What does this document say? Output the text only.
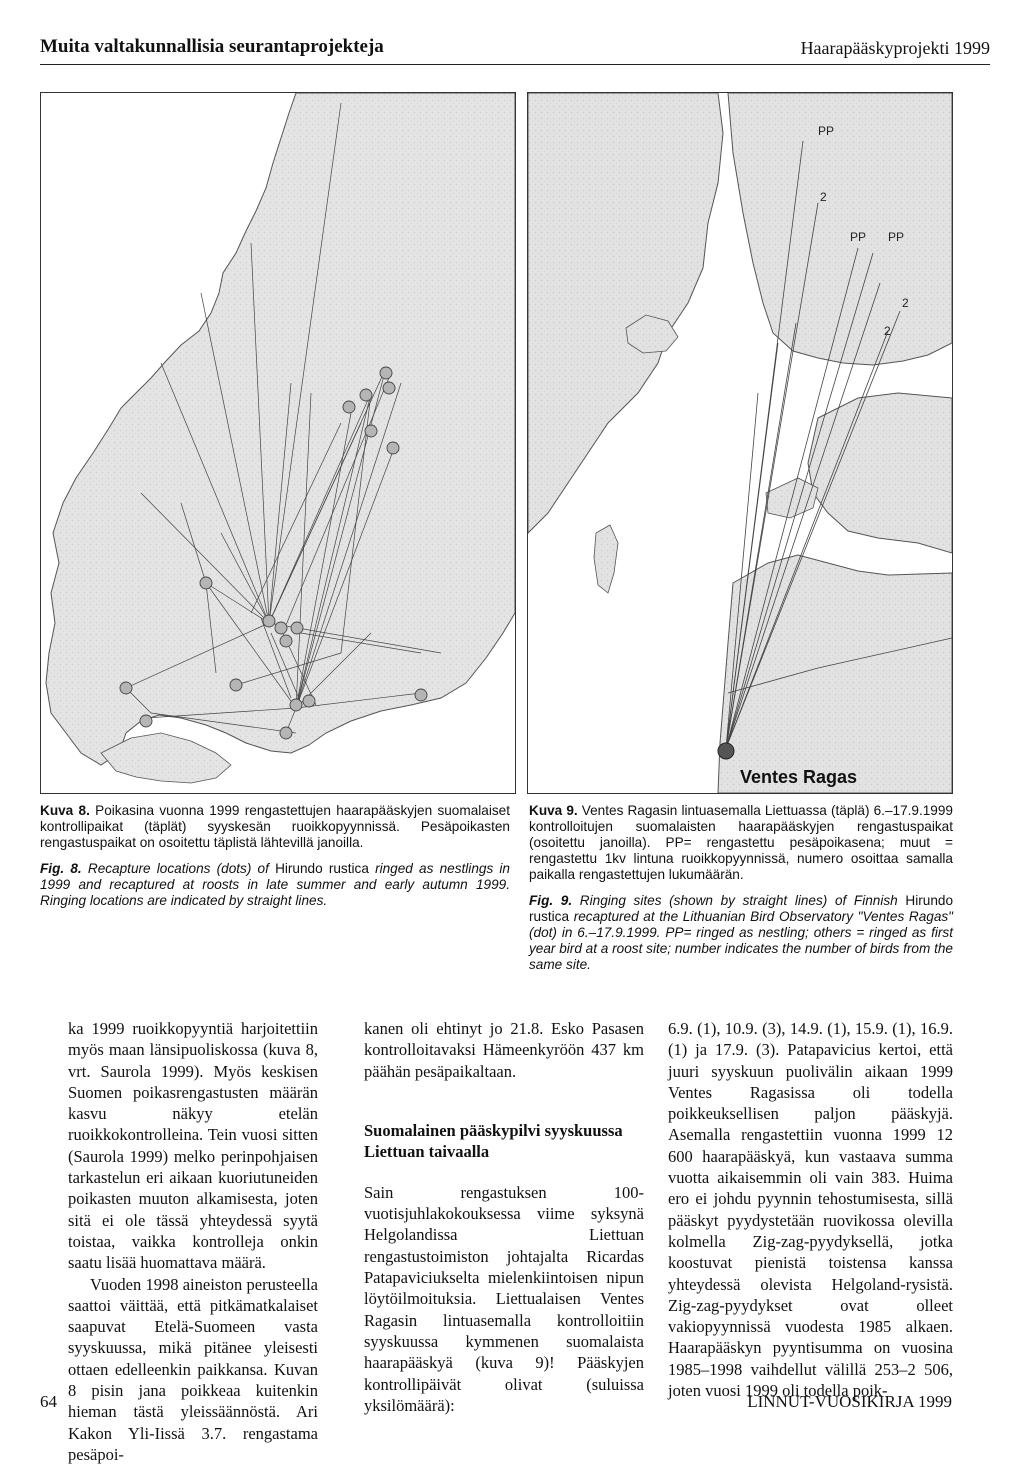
Muita valtakunnallisia seurantaprojekteja	Haarapääskyprojekti 1999
PP
2
PP PP
2
2
Ventes Ragas

Kuva 8. Poikasina vuonna 1999 rengastettujen haarapääskyjen suomalaiset kontrollipaikat (täplät) syyskesän ruoikkopyynnissä. Pesäpoikasten rengastuspaikat on osoitettu täplistä lähtevillä janoilla.

Fig. 8. Recapture locations (dots) of Hirundo rustica ringed as nestlings in 1999 and recaptured at roosts in late summer and early autumn 1999. Ringing locations are indicated by straight lines.

Kuva 9. Ventes Ragasin lintuasemalla Liettuassa (täplä) 6.–17.9.1999 kontrolloitujen suomalaisten haarapääskyjen rengastuspaikat (osoitettu janoilla). PP= rengastettu pesäpoikasena; muut = rengastettu 1kv lintuna ruoikkopyynnissä, numero osoittaa samalla paikalla rengastettujen lukumäärän.

Fig. 9. Ringing sites (shown by straight lines) of Finnish Hirundo rustica recaptured at the Lithuanian Bird Observatory "Ventes Ragas" (dot) in 6.–17.9.1999. PP= ringed as nestling; others = ringed as first year bird at a roost site; number indicates the number of birds from the same site.

ka 1999 ruoikkopyyntiä harjoitettiin myös maan länsipuoliskossa (kuva 8, vrt. Saurola 1999). Myös keskisen Suomen poikasrengastusten määrän kasvu näkyy etelän ruoikkokontrolleina. Tein vuosi sitten (Saurola 1999) melko perinpohjaisen tarkastelun eri aikaan kuoriutuneiden poikasten muuton alkamisesta, joten sitä ei ole tässä yhteydessä syytä toistaa, vaikka kontrolleja onkin saatu lisää huomattava määrä.

Vuoden 1998 aineiston perusteella saattoi väittää, että pitkämatkalaiset saapuvat Etelä-Suomeen vasta syyskuussa, mikä pitänee yleisesti ottaen edelleenkin paikkansa. Kuvan 8 pisin jana poikkeaa kuitenkin hieman tästä yleissäännöstä. Ari Kakon Yli-Iissä 3.7. rengastama pesäpoi-

kanen oli ehtinyt jo 21.8. Esko Pasasen kontrolloitavaksi Hämeenkyröön 437 km päähän pesäpaikaltaan.

Suomalainen pääskypilvi syyskuussa Liettuan taivaalla

Sain rengastuksen 100-vuotisjuhlakokouksessa viime syksynä Helgolandissa Liettuan rengastustoimiston johtajalta Ricardas Patapaviciukselta mielenkiintoisen nipun löytöilmoituksia. Liettualaisen Ventes Ragasin lintuasemalla kontrolloitiin syyskuussa kymmenen suomalaista haarapääskyä (kuva 9)! Pääskyjen kontrollipäivät olivat (suluissa yksilömäärä):

6.9. (1), 10.9. (3), 14.9. (1), 15.9. (1), 16.9. (1) ja 17.9. (3). Patapavicius kertoi, että juuri syyskuun puolivälin aikaan 1999 Ventes Ragasissa oli todella poikkeuksellisen paljon pääskyjä. Asemalla rengastettiin vuonna 1999 12 600 haarapääskyä, kun vastaava summa vuotta aikaisemmin oli vain 383. Huima ero ei johdu pyynnin tehostumisesta, sillä pääskyt pyydystetään ruovikossa olevilla kolmella Zig-zag-pyydyksellä, jotka koostuvat pienistä toistensa kanssa yhteydessä olevista Helgoland-rysistä. Zig-zag-pyydykset ovat olleet vakiopyynnissä vuodesta 1985 alkaen. Haarapääskyn pyyntisumma on vuosina 1985–1998 vaihdellut välillä 253–2 506, joten vuosi 1999 oli todella poik-

64	LINNUT-VUOSIKIRJA 1999
